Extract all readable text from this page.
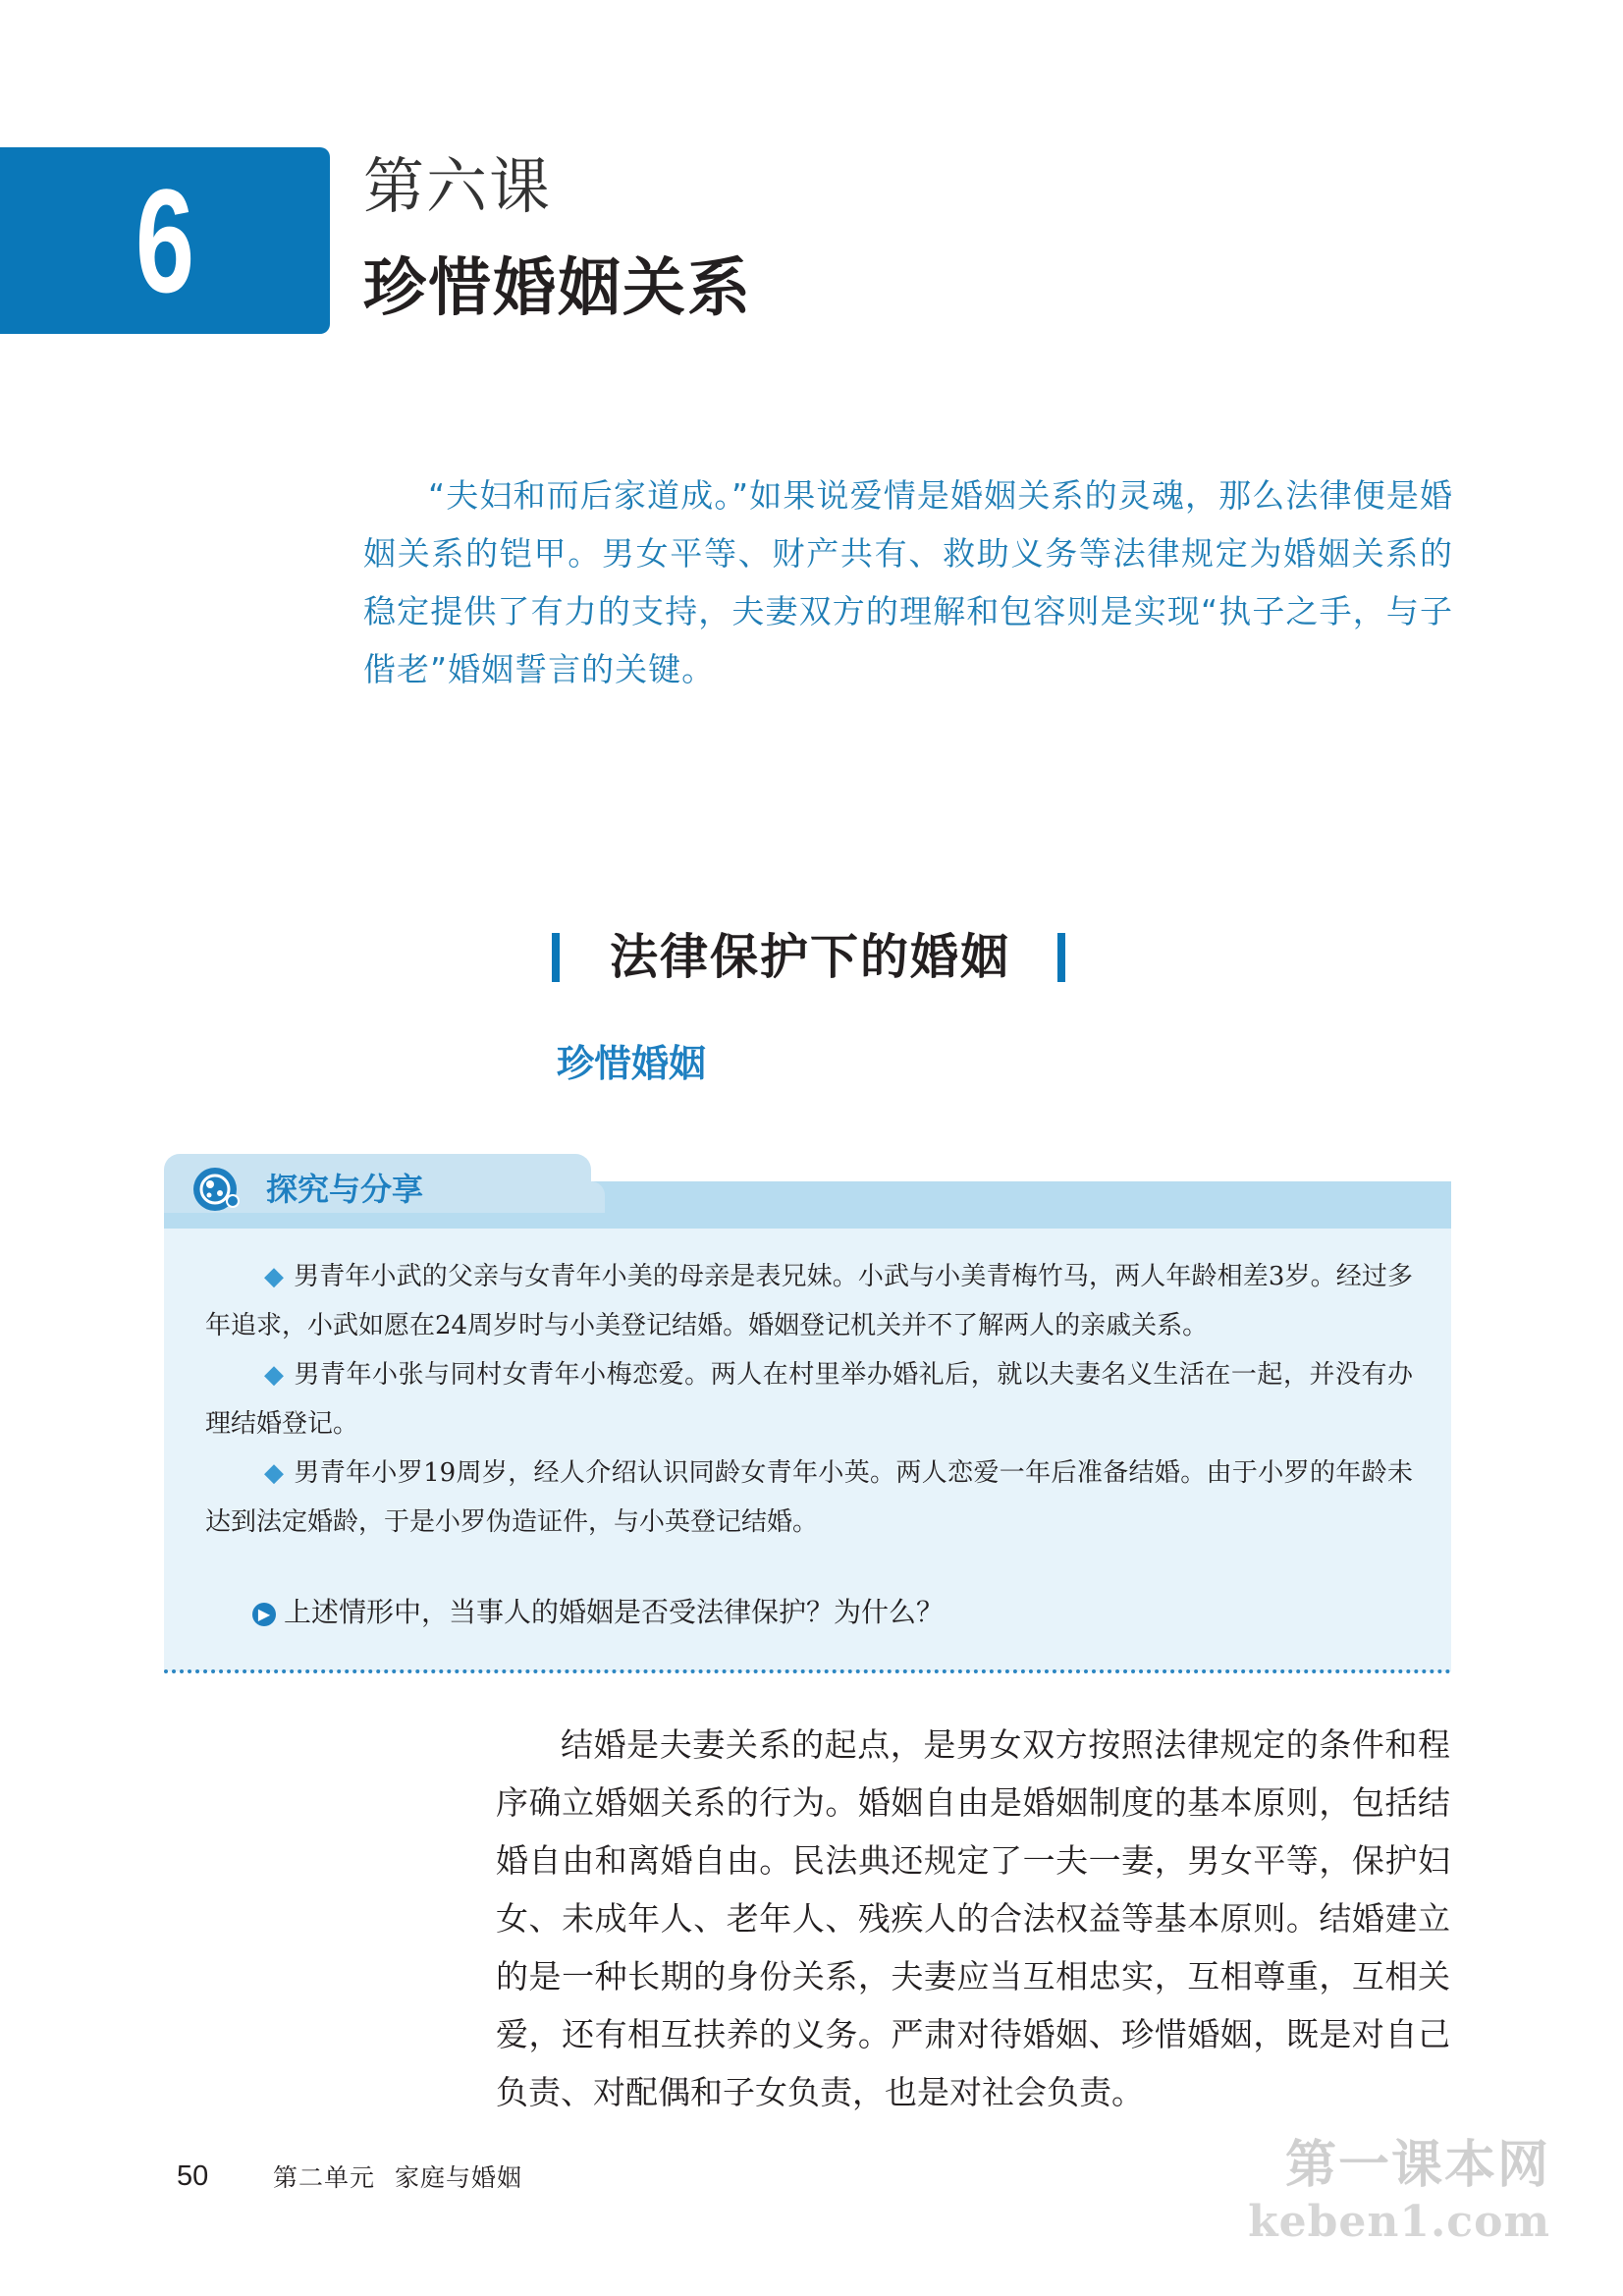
6	第六课
珍惜婚姻关系

“夫妇和而后家道成。”如果说爱情是婚姻关系的灵魂，那么法律便是婚姻关系的铠甲。男女平等、财产共有、救助义务等法律规定为婚姻关系的稳定提供了有力的支持，夫妻双方的理解和包容则是实现“执子之手，与子偕老”婚姻誓言的关键。

法律保护下的婚姻
珍惜婚姻
探究与分享

◆ 男青年小武的父亲与女青年小美的母亲是表兄妹。小武与小美青梅竹马，两人年龄相差3岁。经过多年追求，小武如愿在24周岁时与小美登记结婚。婚姻登记机关并不了解两人的亲戚关系。

◆ 男青年小张与同村女青年小梅恋爱。两人在村里举办婚礼后，就以夫妻名义生活在一起，并没有办理结婚登记。

◆ 男青年小罗19周岁，经人介绍认识同龄女青年小英。两人恋爱一年后准备结婚。由于小罗的年龄未达到法定婚龄，于是小罗伪造证件，与小英登记结婚。

▶ 上述情形中，当事人的婚姻是否受法律保护？为什么？

结婚是夫妻关系的起点，是男女双方按照法律规定的条件和程序确立婚姻关系的行为。婚姻自由是婚姻制度的基本原则，包括结婚自由和离婚自由。民法典还规定了一夫一妻，男女平等，保护妇女、未成年人、老年人、残疾人的合法权益等基本原则。结婚建立的是一种长期的身份关系，夫妻应当互相忠实，互相尊重，互相关爱，还有相互扶养的义务。严肃对待婚姻、珍惜婚姻，既是对自己负责、对配偶和子女负责，也是对社会负责。

50	第二单元 家庭与婚姻	第一课本网
keben1.com
